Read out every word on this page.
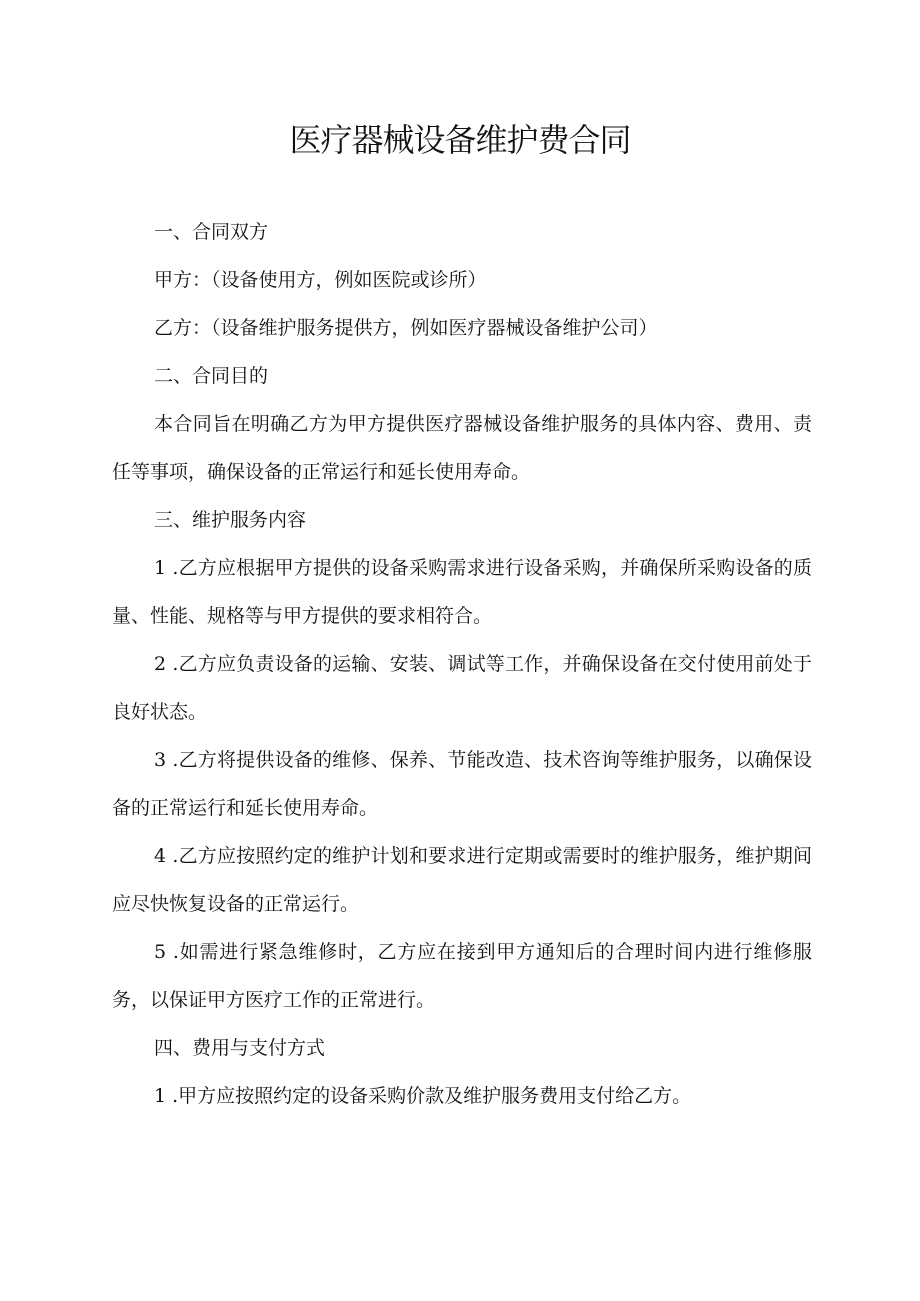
医疗器械设备维护费合同

一、合同双方

甲方：（设备使用方，例如医院或诊所）

乙方：（设备维护服务提供方，例如医疗器械设备维护公司）

二、合同目的

本合同旨在明确乙方为甲方提供医疗器械设备维护服务的具体内容、费用、责任等事项，确保设备的正常运行和延长使用寿命。

三、维护服务内容

1 .乙方应根据甲方提供的设备采购需求进行设备采购，并确保所采购设备的质量、性能、规格等与甲方提供的要求相符合。

2 .乙方应负责设备的运输、安装、调试等工作，并确保设备在交付使用前处于良好状态。

3 .乙方将提供设备的维修、保养、节能改造、技术咨询等维护服务，以确保设备的正常运行和延长使用寿命。

4 .乙方应按照约定的维护计划和要求进行定期或需要时的维护服务，维护期间应尽快恢复设备的正常运行。

5 .如需进行紧急维修时，乙方应在接到甲方通知后的合理时间内进行维修服务，以保证甲方医疗工作的正常进行。

四、费用与支付方式

1 .甲方应按照约定的设备采购价款及维护服务费用支付给乙方。
